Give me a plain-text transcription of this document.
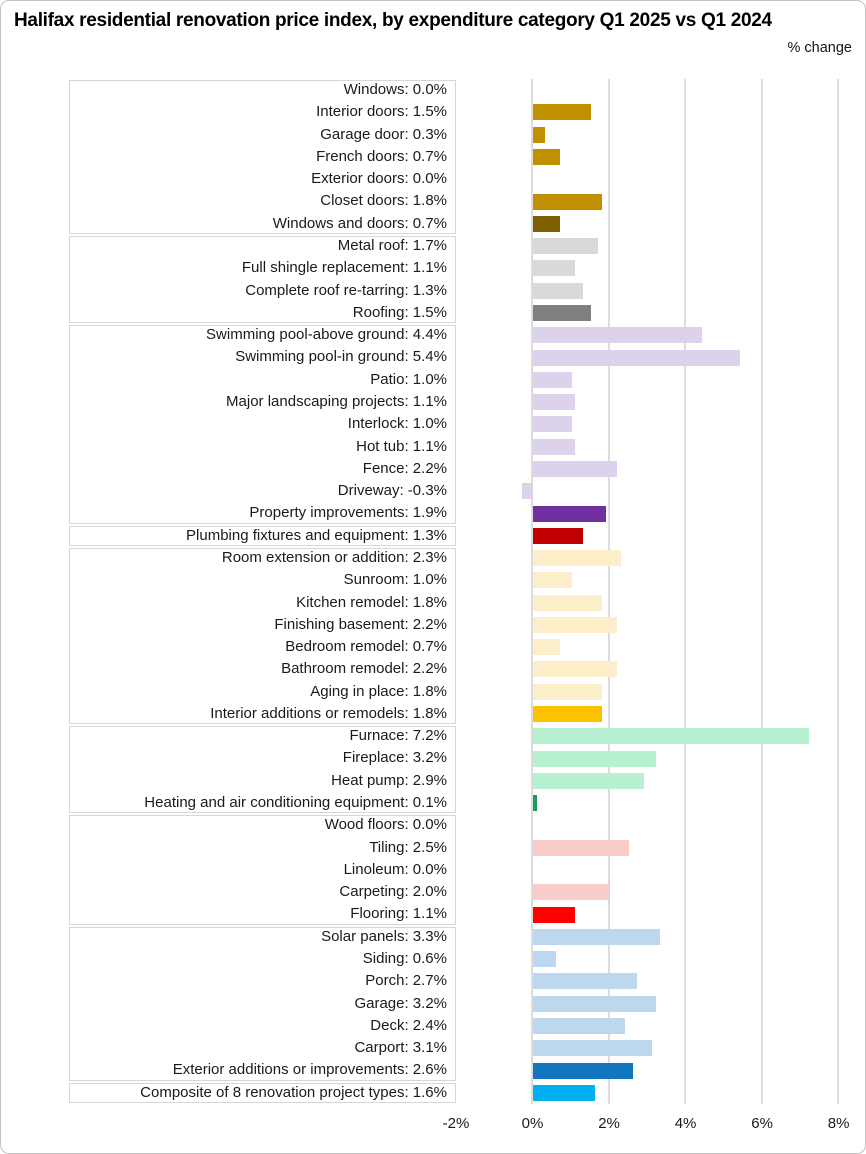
Halifax residential renovation price index, by expenditure category Q1 2025 vs Q1 2024
% change
Windows: 0.0%
Interior doors: 1.5%
Garage door: 0.3%
French doors: 0.7%
Exterior doors: 0.0%
Closet doors: 1.8%
Windows and doors: 0.7%
Metal roof: 1.7%
Full shingle replacement: 1.1%
Complete roof re-tarring: 1.3%
Roofing: 1.5%
Swimming pool-above ground: 4.4%
Swimming pool-in ground: 5.4%
Patio: 1.0%
Major landscaping projects: 1.1%
Interlock: 1.0%
Hot tub: 1.1%
Fence: 2.2%
Driveway: -0.3%
Property improvements: 1.9%
Plumbing fixtures and equipment: 1.3%
Room extension or addition: 2.3%
Sunroom: 1.0%
Kitchen remodel: 1.8%
Finishing basement: 2.2%
Bedroom remodel: 0.7%
Bathroom remodel: 2.2%
Aging in place: 1.8%
Interior additions or remodels: 1.8%
Furnace: 7.2%
Fireplace: 3.2%
Heat pump: 2.9%
Heating and air conditioning equipment: 0.1%
Wood floors: 0.0%
Tiling: 2.5%
Linoleum: 0.0%
Carpeting: 2.0%
Flooring: 1.1%
Solar panels: 3.3%
Siding: 0.6%
Porch: 2.7%
Garage: 3.2%
Deck: 2.4%
Carport: 3.1%
Exterior additions or improvements: 2.6%
Composite of 8 renovation project types: 1.6%
-2%	0%	2%	4%	6%	8%
